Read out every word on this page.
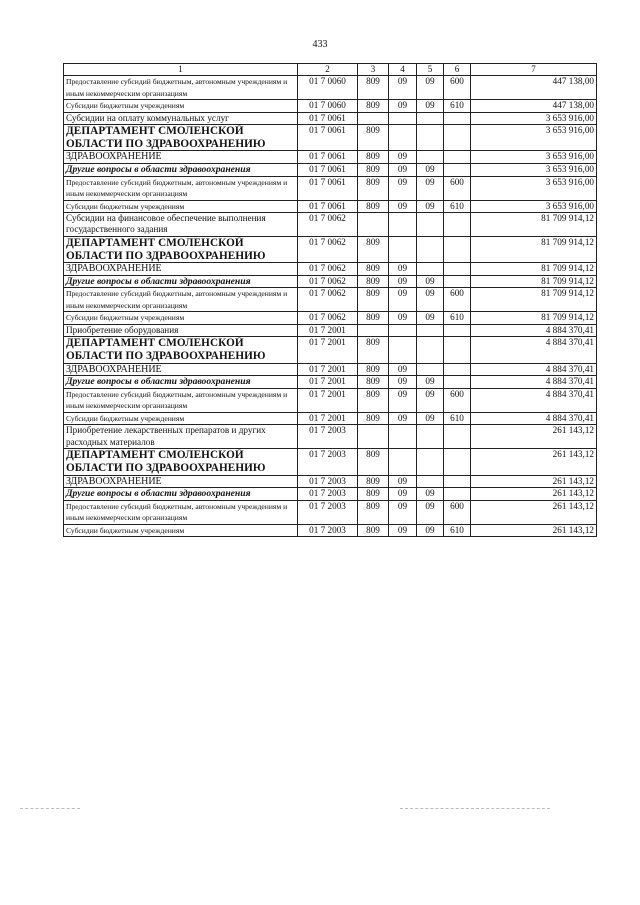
433
1	2	3	4	5	6	7
Предоставление субсидий бюджетным, автономным учреждениям и иным некоммерческим организациям	01 7 0060	809	09	09	600	447 138,00
Субсидии бюджетным учреждениям	01 7 0060	809	09	09	610	447 138,00
Субсидии на оплату коммунальных услуг	01 7 0061					3 653 916,00
ДЕПАРТАМЕНТ СМОЛЕНСКОЙ ОБЛАСТИ ПО ЗДРАВООХРАНЕНИЮ	01 7 0061	809				3 653 916,00
ЗДРАВООХРАНЕНИЕ	01 7 0061	809	09			3 653 916,00
Другие вопросы в области здравоохранения	01 7 0061	809	09	09		3 653 916,00
Предоставление субсидий бюджетным, автономным учреждениям и иным некоммерческим организациям	01 7 0061	809	09	09	600	3 653 916,00
Субсидии бюджетным учреждениям	01 7 0061	809	09	09	610	3 653 916,00
Субсидии на финансовое обеспечение выполнения государственного задания	01 7 0062					81 709 914,12
ДЕПАРТАМЕНТ СМОЛЕНСКОЙ ОБЛАСТИ ПО ЗДРАВООХРАНЕНИЮ	01 7 0062	809				81 709 914,12
ЗДРАВООХРАНЕНИЕ	01 7 0062	809	09			81 709 914,12
Другие вопросы в области здравоохранения	01 7 0062	809	09	09		81 709 914,12
Предоставление субсидий бюджетным, автономным учреждениям и иным некоммерческим организациям	01 7 0062	809	09	09	600	81 709 914,12
Субсидии бюджетным учреждениям	01 7 0062	809	09	09	610	81 709 914,12
Приобретение оборудования	01 7 2001					4 884 370,41
ДЕПАРТАМЕНТ СМОЛЕНСКОЙ ОБЛАСТИ ПО ЗДРАВООХРАНЕНИЮ	01 7 2001	809				4 884 370,41
ЗДРАВООХРАНЕНИЕ	01 7 2001	809	09			4 884 370,41
Другие вопросы в области здравоохранения	01 7 2001	809	09	09		4 884 370,41
Предоставление субсидий бюджетным, автономным учреждениям и иным некоммерческим организациям	01 7 2001	809	09	09	600	4 884 370,41
Субсидии бюджетным учреждениям	01 7 2001	809	09	09	610	4 884 370,41
Приобретение лекарственных препаратов и других расходных материалов	01 7 2003					261 143,12
ДЕПАРТАМЕНТ СМОЛЕНСКОЙ ОБЛАСТИ ПО ЗДРАВООХРАНЕНИЮ	01 7 2003	809				261 143,12
ЗДРАВООХРАНЕНИЕ	01 7 2003	809	09			261 143,12
Другие вопросы в области здравоохранения	01 7 2003	809	09	09		261 143,12
Предоставление субсидий бюджетным, автономным учреждениям и иным некоммерческим организациям	01 7 2003	809	09	09	600	261 143,12
Субсидии бюджетным учреждениям	01 7 2003	809	09	09	610	261 143,12
